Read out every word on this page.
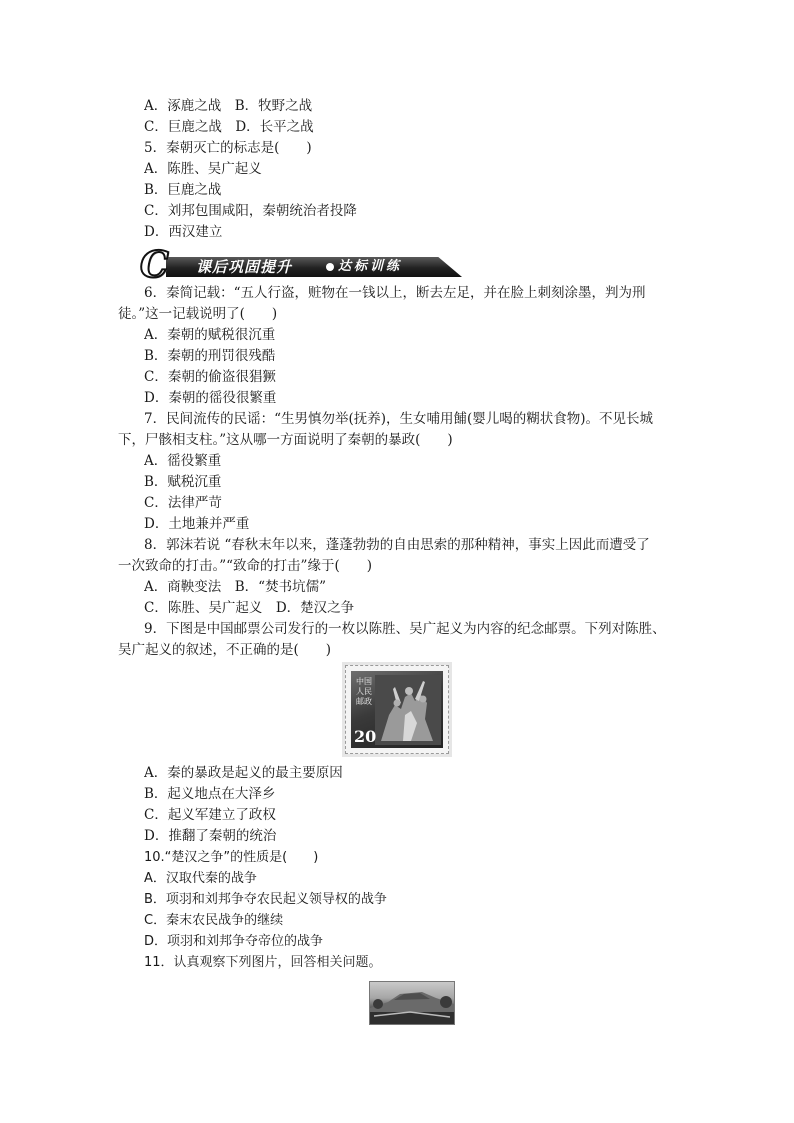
A．涿鹿之战　B．牧野之战
C．巨鹿之战　D．长平之战
5．秦朝灭亡的标志是(　　)
A．陈胜、吴广起义
B．巨鹿之战
C．刘邦包围咸阳，秦朝统治者投降
D．西汉建立
C	课后巩固提升	达标训练
6．秦简记载：“五人行盗，赃物在一钱以上，断去左足，并在脸上刺刻涂墨，判为刑
徒。”这一记载说明了(　　)
A．秦朝的赋税很沉重
B．秦朝的刑罚很残酷
C．秦朝的偷盗很猖獗
D．秦朝的徭役很繁重
7．民间流传的民谣：“生男慎勿举(抚养)，生女哺用餔(婴儿喝的糊状食物)。不见长城
下，尸骸相支柱。”这从哪一方面说明了秦朝的暴政(　　)
A．徭役繁重
B．赋税沉重
C．法律严苛
D．土地兼并严重
8．郭沫若说 “春秋末年以来，蓬蓬勃勃的自由思索的那种精神，事实上因此而遭受了
一次致命的打击。”“致命的打击”缘于(　　)
A．商鞅变法　B．“焚书坑儒”
C．陈胜、吴广起义　D．楚汉之争
9．下图是中国邮票公司发行的一枚以陈胜、吴广起义为内容的纪念邮票。下列对陈胜、
吴广起义的叙述，不正确的是(　　)
中国人民邮政
20
A．秦的暴政是起义的最主要原因
B．起义地点在大泽乡
C．起义军建立了政权
D．推翻了秦朝的统治
10.“楚汉之争”的性质是(　　)
A．汉取代秦的战争
B．项羽和刘邦争夺农民起义领导权的战争
C．秦末农民战争的继续
D．项羽和刘邦争夺帝位的战争
11．认真观察下列图片，回答相关问题。
